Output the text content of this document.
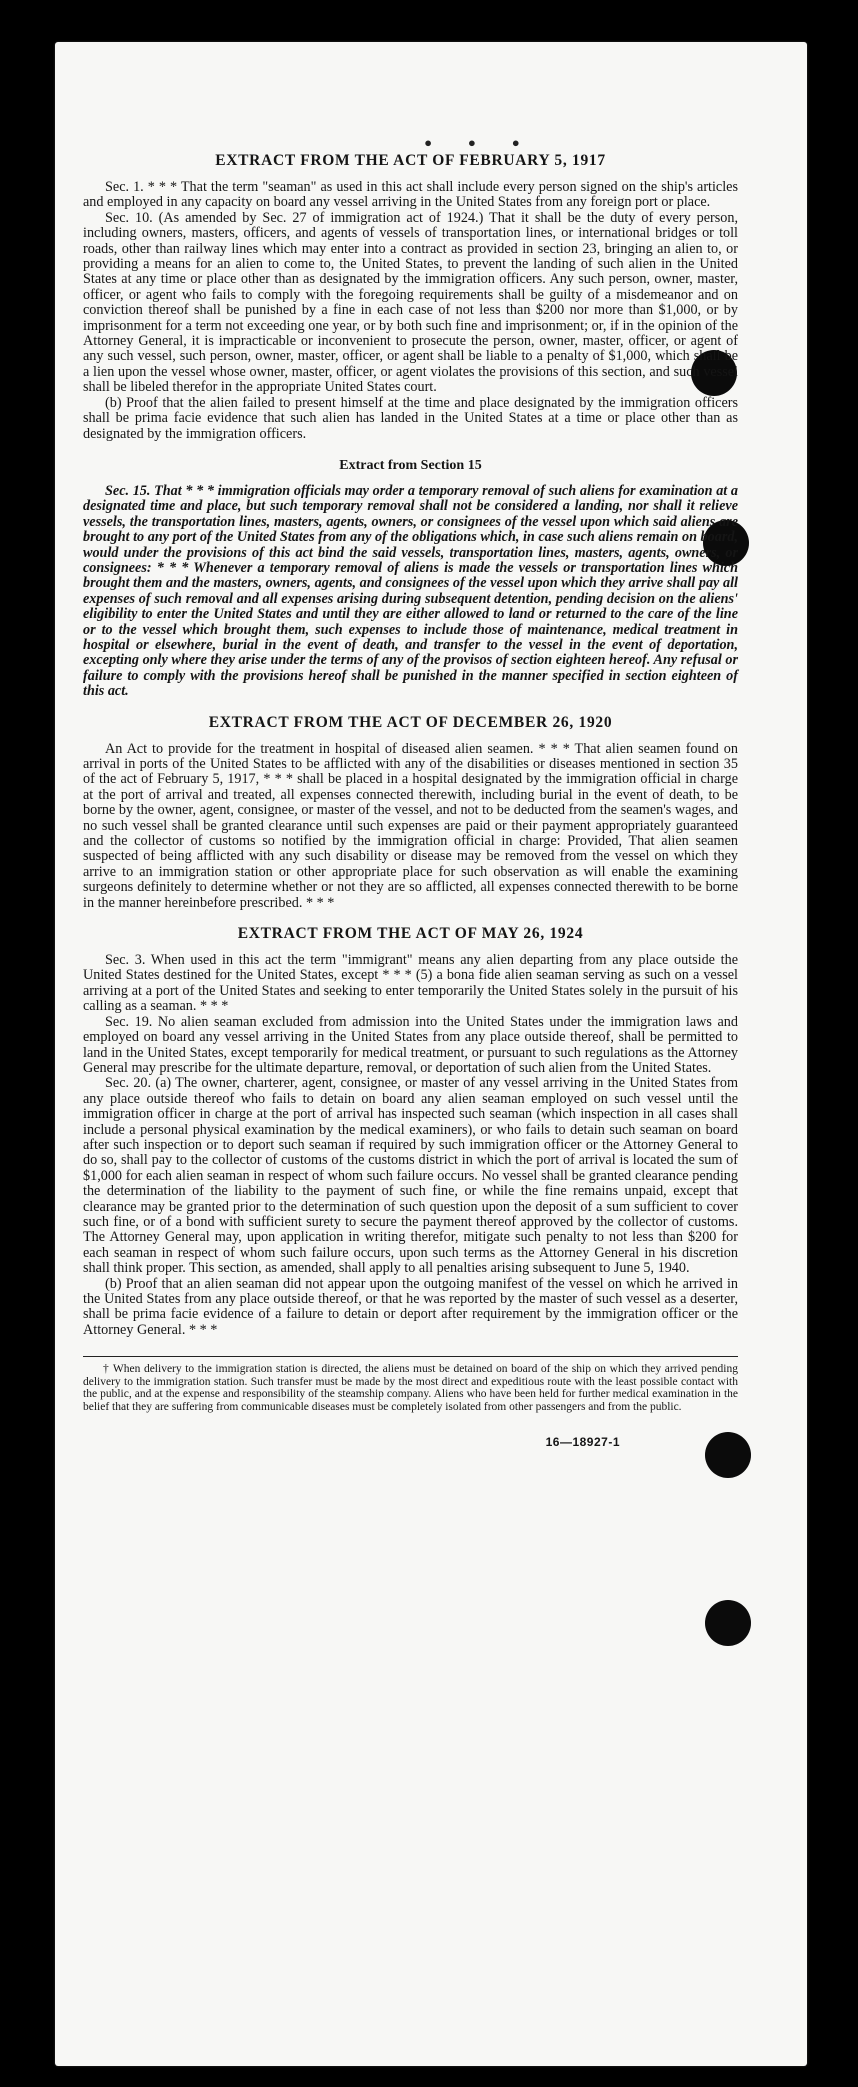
• • •
EXTRACT FROM THE ACT OF FEBRUARY 5, 1917

Sec. 1. * * * That the term "seaman" as used in this act shall include every person signed on the ship's articles and employed in any capacity on board any vessel arriving in the United States from any foreign port or place.

Sec. 10. (As amended by Sec. 27 of immigration act of 1924.) That it shall be the duty of every person, including owners, masters, officers, and agents of vessels of transportation lines, or international bridges or toll roads, other than railway lines which may enter into a contract as provided in section 23, bringing an alien to, or providing a means for an alien to come to, the United States, to prevent the landing of such alien in the United States at any time or place other than as designated by the immigration officers. Any such person, owner, master, officer, or agent who fails to comply with the foregoing requirements shall be guilty of a misdemeanor and on conviction thereof shall be punished by a fine in each case of not less than $200 nor more than $1,000, or by imprisonment for a term not exceeding one year, or by both such fine and imprisonment; or, if in the opinion of the Attorney General, it is impracticable or inconvenient to prosecute the person, owner, master, officer, or agent of any such vessel, such person, owner, master, officer, or agent shall be liable to a penalty of $1,000, which shall be a lien upon the vessel whose owner, master, officer, or agent violates the provisions of this section, and such vessel shall be libeled therefor in the appropriate United States court.

(b) Proof that the alien failed to present himself at the time and place designated by the immigration officers shall be prima facie evidence that such alien has landed in the United States at a time or place other than as designated by the immigration officers.

Extract from Section 15

Sec. 15. That * * * immigration officials may order a temporary removal of such aliens for examination at a designated time and place, but such temporary removal shall not be considered a landing, nor shall it relieve vessels, the transportation lines, masters, agents, owners, or consignees of the vessel upon which said aliens are brought to any port of the United States from any of the obligations which, in case such aliens remain on board, would under the provisions of this act bind the said vessels, transportation lines, masters, agents, owners, or consignees: * * * Whenever a temporary removal of aliens is made the vessels or transportation lines which brought them and the masters, owners, agents, and consignees of the vessel upon which they arrive shall pay all expenses of such removal and all expenses arising during subsequent detention, pending decision on the aliens' eligibility to enter the United States and until they are either allowed to land or returned to the care of the line or to the vessel which brought them, such expenses to include those of maintenance, medical treatment in hospital or elsewhere, burial in the event of death, and transfer to the vessel in the event of deportation, excepting only where they arise under the terms of any of the provisos of section eighteen hereof. Any refusal or failure to comply with the provisions hereof shall be punished in the manner specified in section eighteen of this act.

EXTRACT FROM THE ACT OF DECEMBER 26, 1920

An Act to provide for the treatment in hospital of diseased alien seamen. * * * That alien seamen found on arrival in ports of the United States to be afflicted with any of the disabilities or diseases mentioned in section 35 of the act of February 5, 1917, * * * shall be placed in a hospital designated by the immigration official in charge at the port of arrival and treated, all expenses connected therewith, including burial in the event of death, to be borne by the owner, agent, consignee, or master of the vessel, and not to be deducted from the seamen's wages, and no such vessel shall be granted clearance until such expenses are paid or their payment appropriately guaranteed and the collector of customs so notified by the immigration official in charge: Provided, That alien seamen suspected of being afflicted with any such disability or disease may be removed from the vessel on which they arrive to an immigration station or other appropriate place for such observation as will enable the examining surgeons definitely to determine whether or not they are so afflicted, all expenses connected therewith to be borne in the manner hereinbefore prescribed. * * *

EXTRACT FROM THE ACT OF MAY 26, 1924

Sec. 3. When used in this act the term "immigrant" means any alien departing from any place outside the United States destined for the United States, except * * * (5) a bona fide alien seaman serving as such on a vessel arriving at a port of the United States and seeking to enter temporarily the United States solely in the pursuit of his calling as a seaman. * * *

Sec. 19. No alien seaman excluded from admission into the United States under the immigration laws and employed on board any vessel arriving in the United States from any place outside thereof, shall be permitted to land in the United States, except temporarily for medical treatment, or pursuant to such regulations as the Attorney General may prescribe for the ultimate departure, removal, or deportation of such alien from the United States.

Sec. 20. (a) The owner, charterer, agent, consignee, or master of any vessel arriving in the United States from any place outside thereof who fails to detain on board any alien seaman employed on such vessel until the immigration officer in charge at the port of arrival has inspected such seaman (which inspection in all cases shall include a personal physical examination by the medical examiners), or who fails to detain such seaman on board after such inspection or to deport such seaman if required by such immigration officer or the Attorney General to do so, shall pay to the collector of customs of the customs district in which the port of arrival is located the sum of $1,000 for each alien seaman in respect of whom such failure occurs. No vessel shall be granted clearance pending the determination of the liability to the payment of such fine, or while the fine remains unpaid, except that clearance may be granted prior to the determination of such question upon the deposit of a sum sufficient to cover such fine, or of a bond with sufficient surety to secure the payment thereof approved by the collector of customs. The Attorney General may, upon application in writing therefor, mitigate such penalty to not less than $200 for each seaman in respect of whom such failure occurs, upon such terms as the Attorney General in his discretion shall think proper. This section, as amended, shall apply to all penalties arising subsequent to June 5, 1940.

(b) Proof that an alien seaman did not appear upon the outgoing manifest of the vessel on which he arrived in the United States from any place outside thereof, or that he was reported by the master of such vessel as a deserter, shall be prima facie evidence of a failure to detain or deport after requirement by the immigration officer or the Attorney General. * * *

† When delivery to the immigration station is directed, the aliens must be detained on board of the ship on which they arrived pending delivery to the immigration station. Such transfer must be made by the most direct and expeditious route with the least possible contact with the public, and at the expense and responsibility of the steamship company. Aliens who have been held for further medical examination in the belief that they are suffering from communicable diseases must be completely isolated from other passengers and from the public.

16—18927-1
